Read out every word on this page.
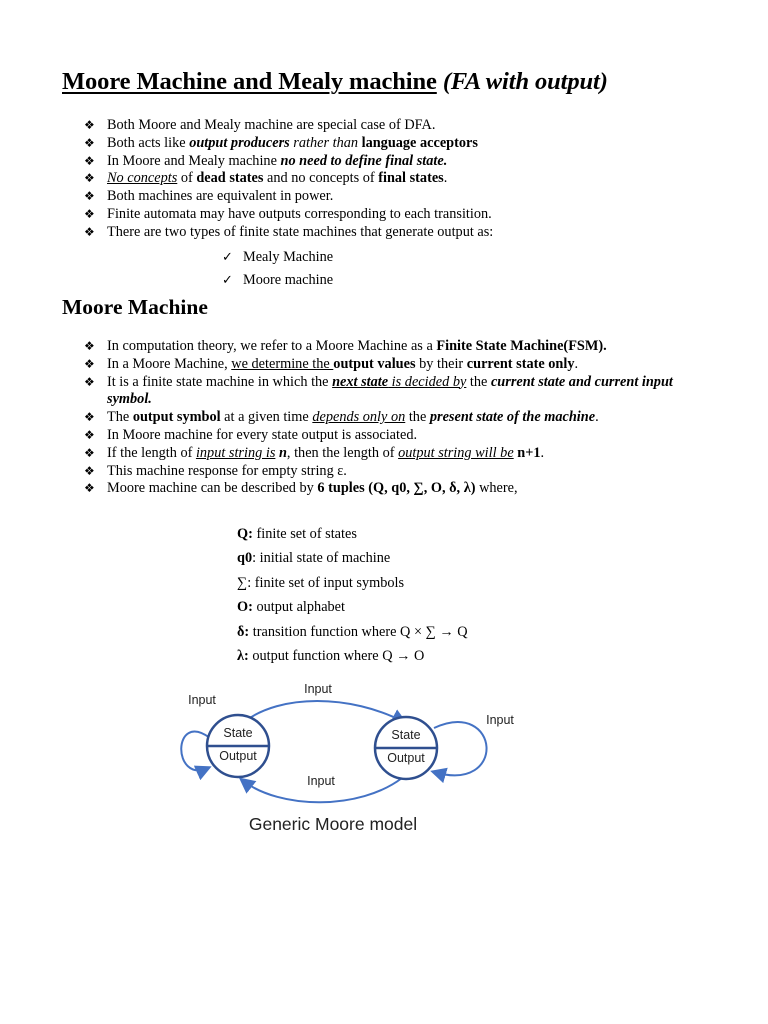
Moore Machine and Mealy machine (FA with output)
❖ Both Moore and Mealy machine are special case of DFA.
❖ Both acts like output producers rather than language acceptors
❖ In Moore and Mealy machine no need to define final state.
❖ No concepts of dead states and no concepts of final states.
❖ Both machines are equivalent in power.
❖ Finite automata may have outputs corresponding to each transition.
❖ There are two types of finite state machines that generate output as:
✓ Mealy Machine
✓ Moore machine
Moore Machine
❖ In computation theory, we refer to a Moore Machine as a Finite State Machine(FSM).
❖ In a Moore Machine, we determine the output values by their current state only.
❖ It is a finite state machine in which the next state is decided by the current state and current input symbol.
❖ The output symbol at a given time depends only on the present state of the machine.
❖ In Moore machine for every state output is associated.
❖ If the length of input string is n, then the length of output string will be n+1.
❖ This machine response for empty string ε.
❖ Moore machine can be described by 6 tuples (Q, q0, ∑, O, δ, λ) where,
Q: finite set of states
q0: initial state of machine
∑: finite set of input symbols
O: output alphabet
δ: transition function where Q × ∑ → Q
λ: output function where Q → O
State
Output
State
Output
Input
Input
Input
Input
Generic Moore model
